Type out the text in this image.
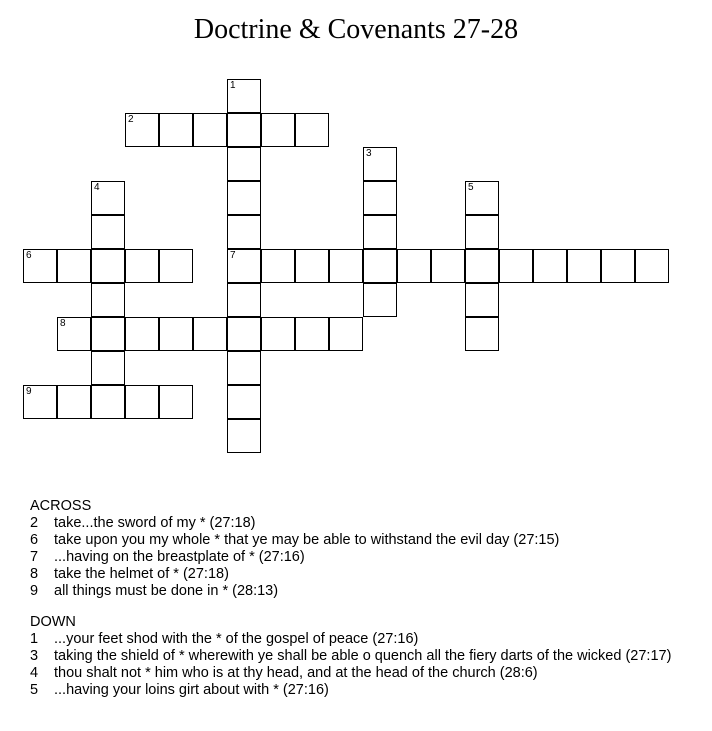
Doctrine & Covenants 27-28
1
7
2
3
4	5
6
8
9
ACROSS
2	take...the sword of my * (27:18)
6	take upon you my whole * that ye may be able to withstand the evil day (27:15)
7	...having on the breastplate of * (27:16)
8	take the helmet of * (27:18)
9	all things must be done in * (28:13)
DOWN
1	...your feet shod with the * of the gospel of peace (27:16)
3	taking the shield of * wherewith ye shall be able o quench all the fiery darts of the wicked (27:17)
4	thou shalt not * him who is at thy head, and at the head of the church (28:6)
5	...having your loins girt about with * (27:16)
